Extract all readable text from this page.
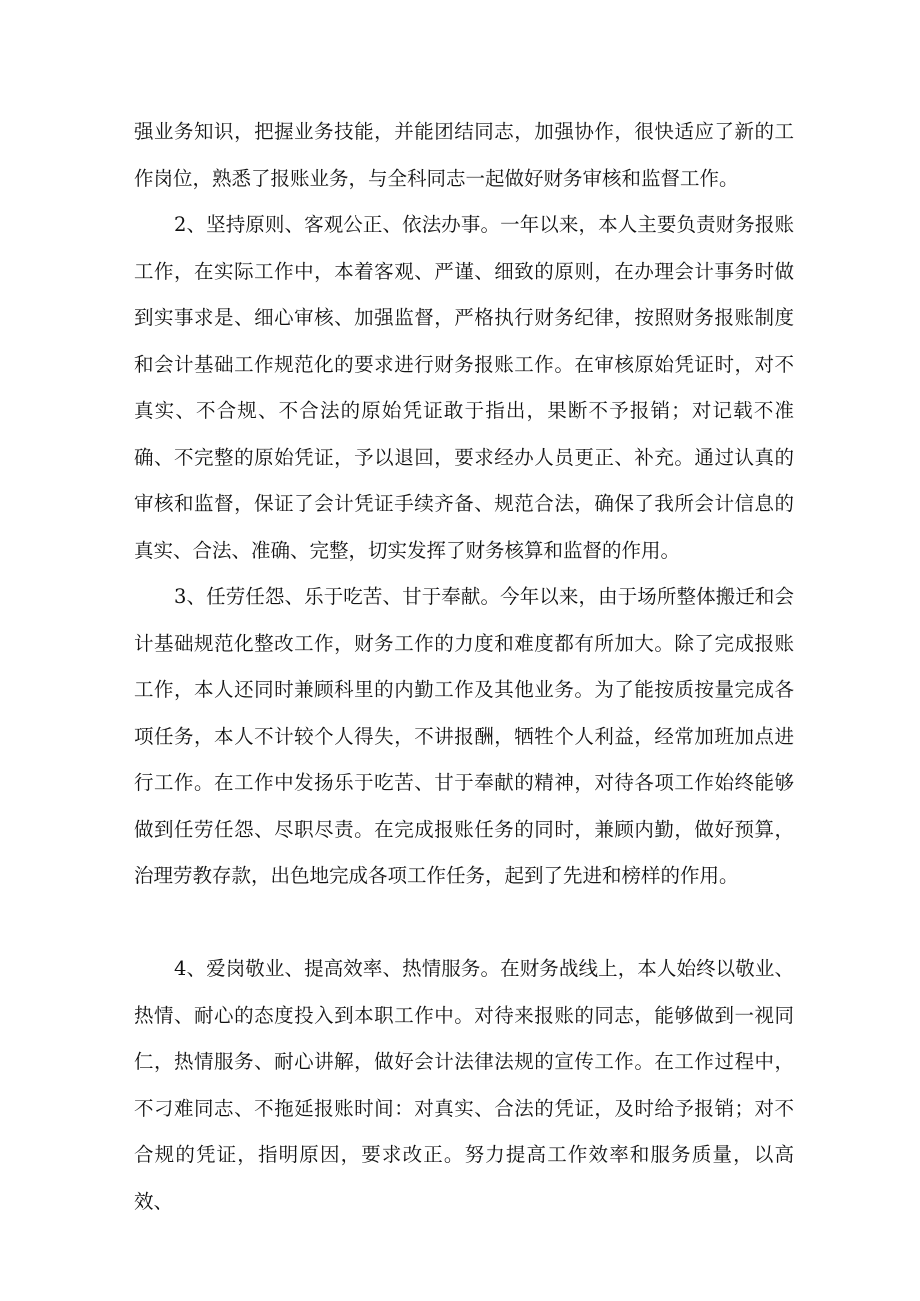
强业务知识，把握业务技能，并能团结同志，加强协作，很快适应了新的工作岗位，熟悉了报账业务，与全科同志一起做好财务审核和监督工作。

2、坚持原则、客观公正、依法办事。一年以来，本人主要负责财务报账工作，在实际工作中，本着客观、严谨、细致的原则，在办理会计事务时做到实事求是、细心审核、加强监督，严格执行财务纪律，按照财务报账制度和会计基础工作规范化的要求进行财务报账工作。在审核原始凭证时，对不真实、不合规、不合法的原始凭证敢于指出，果断不予报销；对记载不准确、不完整的原始凭证，予以退回，要求经办人员更正、补充。通过认真的审核和监督，保证了会计凭证手续齐备、规范合法，确保了我所会计信息的真实、合法、准确、完整，切实发挥了财务核算和监督的作用。

3、任劳任怨、乐于吃苦、甘于奉献。今年以来，由于场所整体搬迁和会计基础规范化整改工作，财务工作的力度和难度都有所加大。除了完成报账工作，本人还同时兼顾科里的内勤工作及其他业务。为了能按质按量完成各项任务，本人不计较个人得失，不讲报酬，牺牲个人利益，经常加班加点进行工作。在工作中发扬乐于吃苦、甘于奉献的精神，对待各项工作始终能够做到任劳任怨、尽职尽责。在完成报账任务的同时，兼顾内勤，做好预算，治理劳教存款，出色地完成各项工作任务，起到了先进和榜样的作用。

4、爱岗敬业、提高效率、热情服务。在财务战线上，本人始终以敬业、热情、耐心的态度投入到本职工作中。对待来报账的同志，能够做到一视同仁，热情服务、耐心讲解，做好会计法律法规的宣传工作。在工作过程中，不刁难同志、不拖延报账时间：对真实、合法的凭证，及时给予报销；对不合规的凭证，指明原因，要求改正。努力提高工作效率和服务质量，以高效、
